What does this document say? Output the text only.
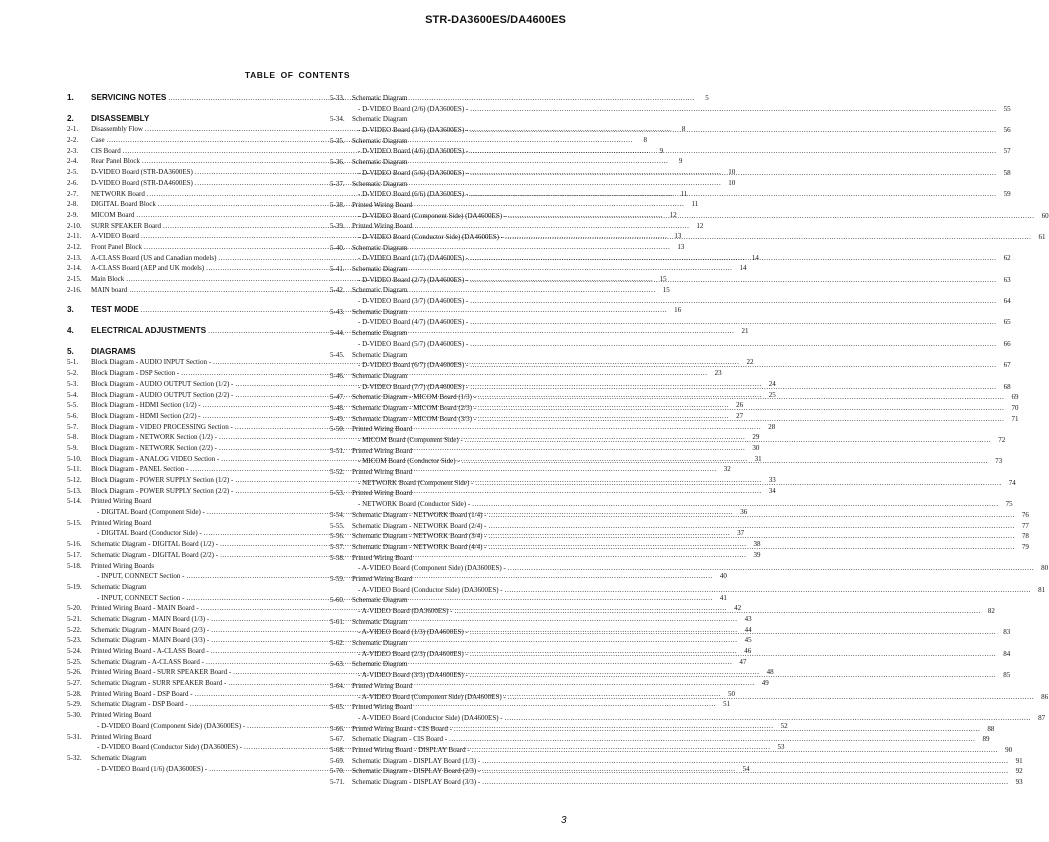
STR-DA3600ES/DA4600ES
TABLE OF CONTENTS
1.	SERVICING NOTES .....	5
2.	DISASSEMBLY
2-1.	Disassembly Flow .....	8
2-2.	Case .....	8
2-3.	CIS Board .....	9
2-4.	Rear Panel Block .....	9
2-5.	D-VIDEO Board (STR-DA3600ES) .....	10
2-6.	D-VIDEO Board (STR-DA4600ES) .....	10
2-7.	NETWORK Board .....	11
2-8.	DIGITAL Board Block .....	11
2-9.	MICOM Board .....	12
2-10.	SURR SPEAKER Board .....	12
2-11.	A-VIDEO Board .....	13
2-12.	Front Panel Block .....	13
2-13.	A-CLASS Board (US and Canadian models) .....	14
2-14.	A-CLASS Board (AEP and UK models) .....	14
2-15.	Main Block .....	15
2-16.	MAIN board .....	15
3.	TEST MODE .....	16
4.	ELECTRICAL ADJUSTMENTS .....	21
5.	DIAGRAMS
5-1.	Block Diagram - AUDIO INPUT Section - .....	22
5-2.	Block Diagram - DSP Section - .....	23
5-3.	Block Diagram - AUDIO OUTPUT Section (1/2) - .....	24
5-4.	Block Diagram - AUDIO OUTPUT Section (2/2) - .....	25
5-5.	Block Diagram - HDMI Section (1/2) - .....	26
5-6.	Block Diagram - HDMI Section (2/2) - .....	27
5-7.	Block Diagram - VIDEO PROCESSING Section - .....	28
5-8.	Block Diagram - NETWORK Section (1/2) - .....	29
5-9.	Block Diagram - NETWORK Section (2/2) - .....	30
5-10.	Block Diagram - ANALOG VIDEO Section - .....	31
5-11.	Block Diagram - PANEL Section - .....	32
5-12.	Block Diagram - POWER SUPPLY Section (1/2) - .....	33
5-13.	Block Diagram - POWER SUPPLY Section (2/2) - .....	34
5-14.	Printed Wiring Board
- DIGITAL Board (Component Side) - .....	36
5-15.	Printed Wiring Board
- DIGITAL Board (Conductor Side) - .....	37
5-16.	Schematic Diagram - DIGITAL Board (1/2) - .....	38
5-17.	Schematic Diagram - DIGITAL Board (2/2) - .....	39
5-18.	Printed Wiring Boards
- INPUT, CONNECT Section - .....	40
5-19.	Schematic Diagram
- INPUT, CONNECT Section - .....	41
5-20.	Printed Wiring Board - MAIN Board - .....	42
5-21.	Schematic Diagram - MAIN Board (1/3) - .....	43
5-22.	Schematic Diagram - MAIN Board (2/3) - .....	44
5-23.	Schematic Diagram - MAIN Board (3/3) - .....	45
5-24.	Printed Wiring Board - A-CLASS Board - .....	46
5-25.	Schematic Diagram - A-CLASS Board - .....	47
5-26.	Printed Wiring Board - SURR SPEAKER Board - .....	48
5-27.	Schematic Diagram - SURR SPEAKER Board - .....	49
5-28.	Printed Wiring Board - DSP Board - .....	50
5-29.	Schematic Diagram - DSP Board - .....	51
5-30.	Printed Wiring Board
- D-VIDEO Board (Component Side) (DA3600ES) - .....	52
5-31.	Printed Wiring Board
- D-VIDEO Board (Conductor Side) (DA3600ES) - .....	53
5-32.	Schematic Diagram
- D-VIDEO Board (1/6) (DA3600ES) - .....	54
5-33.	Schematic Diagram
- D-VIDEO Board (2/6) (DA3600ES) - .....	55
5-34.	Schematic Diagram
- D-VIDEO Board (3/6) (DA3600ES) - .....	56
5-35.	Schematic Diagram
- D-VIDEO Board (4/6) (DA3600ES) - .....	57
5-36.	Schematic Diagram
- D-VIDEO Board (5/6) (DA3600ES) - .....	58
5-37.	Schematic Diagram
- D-VIDEO Board (6/6) (DA3600ES) - .....	59
5-38.	Printed Wiring Board
- D-VIDEO Board (Component Side) (DA4600ES) - .....	60
5-39.	Printed Wiring Board
- D-VIDEO Board (Conductor Side) (DA4600ES) - .....	61
5-40.	Schematic Diagram
- D-VIDEO Board (1/7) (DA4600ES) - .....	62
5-41.	Schematic Diagram
- D-VIDEO Board (2/7) (DA4600ES) - .....	63
5-42.	Schematic Diagram
- D-VIDEO Board (3/7) (DA4600ES) - .....	64
5-43.	Schematic Diagram
- D-VIDEO Board (4/7) (DA4600ES) - .....	65
5-44.	Schematic Diagram
- D-VIDEO Board (5/7) (DA4600ES) - .....	66
5-45.	Schematic Diagram
- D-VIDEO Board (6/7) (DA4600ES) - .....	67
5-46.	Schematic Diagram
- D-VIDEO Board (7/7) (DA4600ES) - .....	68
5-47.	Schematic Diagram - MICOM Board (1/3) - .....	69
5-48.	Schematic Diagram - MICOM Board (2/3) - .....	70
5-49.	Schematic Diagram - MICOM Board (3/3) - .....	71
5-50.	Printed Wiring Board
- MICOM Board (Component Side) - .....	72
5-51.	Printed Wiring Board
- MICOM Board (Conductor Side) - .....	73
5-52.	Printed Wiring Board
- NETWORK Board (Component Side) - .....	74
5-53.	Printed Wiring Board
- NETWORK Board (Conductor Side) - .....	75
5-54.	Schematic Diagram - NETWORK Board (1/4) - .....	76
5-55.	Schematic Diagram - NETWORK Board (2/4) - .....	77
5-56.	Schematic Diagram - NETWORK Board (3/4) - .....	78
5-57.	Schematic Diagram - NETWORK Board (4/4) - .....	79
5-58.	Printed Wiring Board
- A-VIDEO Board (Component Side) (DA3600ES) - .....	80
5-59.	Printed Wiring Board
- A-VIDEO Board (Conductor Side) (DA3600ES) - .....	81
5-60.	Schematic Diagram
- A-VIDEO Board (DA3600ES) - .....	82
5-61.	Schematic Diagram
- A-VIDEO Board (1/3) (DA4600ES) - .....	83
5-62.	Schematic Diagram
- A-VIDEO Board (2/3) (DA4600ES) - .....	84
5-63.	Schematic Diagram
- A-VIDEO Board (3/3) (DA4600ES) - .....	85
5-64.	Printed Wiring Board
- A-VIDEO Board (Component Side) (DA4600ES) - .....	86
5-65.	Printed Wiring Board
- A-VIDEO Board (Conductor Side) (DA4600ES) - .....	87
5-66.	Printed Wiring Board - CIS Board - .....	88
5-67.	Schematic Diagram - CIS Board - .....	89
5-68.	Printed Wiring Board - DISPLAY Board - .....	90
5-69.	Schematic Diagram - DISPLAY Board (1/3) - .....	91
5-70.	Schematic Diagram - DISPLAY Board (2/3) - .....	92
5-71.	Schematic Diagram - DISPLAY Board (3/3) - .....	93
3
